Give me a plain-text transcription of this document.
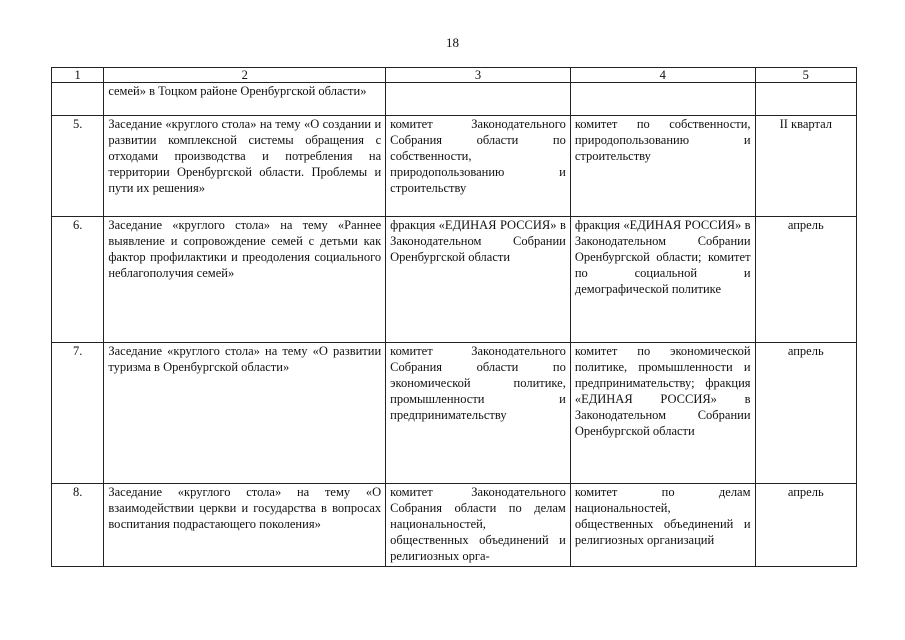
18
1	2	3	4	5
	семей» в Тоцком районе Оренбургской области»			
5.	Заседание «круглого стола» на тему «О создании и развитии комплексной системы обращения с отходами производства и потребления на территории Оренбургской области. Проблемы и пути их решения»	комитет Законодательного Собрания области по собственности, природопользованию и строительству	комитет по собственности, природопользованию и строительству	II квартал
6.	Заседание «круглого стола» на тему «Раннее выявление и сопровождение семей с детьми как фактор профилактики и преодоления социального неблагополучия семей»	фракция «ЕДИНАЯ РОССИЯ» в Законодательном Собрании Оренбургской области	фракция «ЕДИНАЯ РОССИЯ» в Законодательном Собрании Оренбургской области; комитет по социальной и демографической политике	апрель
7.	Заседание «круглого стола» на тему «О развитии туризма в Оренбургской области»	комитет Законодательного Собрания области по экономической политике, промышленности и предпринимательству	комитет по экономической политике, промышленности и предпринимательству; фракция «ЕДИНАЯ РОССИЯ» в Законодательном Собрании Оренбургской области	апрель
8.	Заседание «круглого стола» на тему «О взаимодействии церкви и государства в вопросах воспитания подрастающего поколения»	комитет Законодательного Собрания области по делам национальностей, общественных объединений и религиозных орга-	комитет по делам национальностей, общественных объединений и религиозных организаций	апрель
